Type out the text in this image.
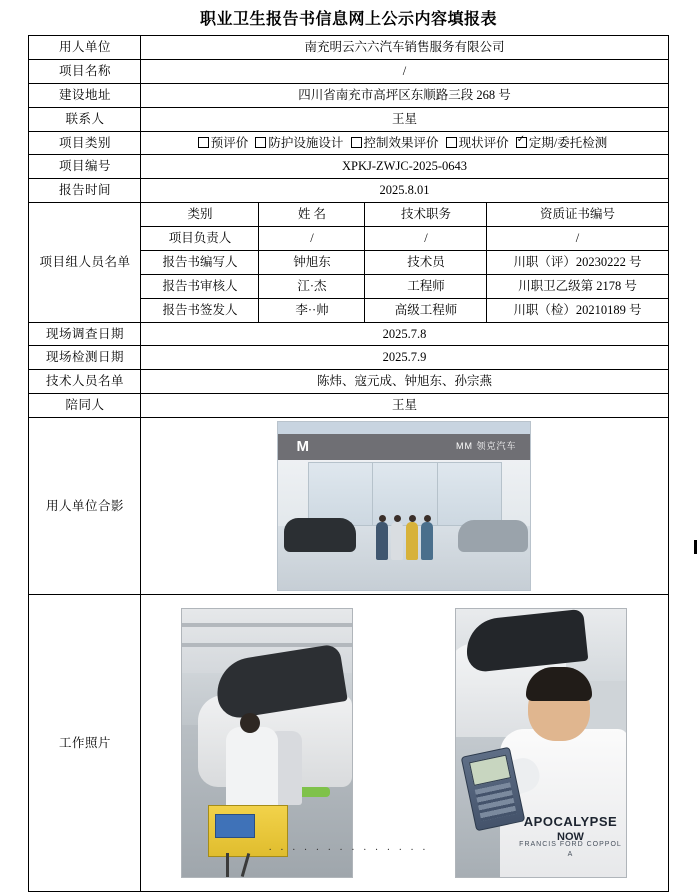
职业卫生报告书信息网上公示内容填报表
用人单位	南充明云六六汽车销售服务有限公司			
项目名称	/			
建设地址	四川省南充市高坪区东顺路三段 268 号			
联系人	王星			
项目类别	预评价 防护设施设计 控制效果评价 现状评价 ✓ 定期/委托检测
项目编号	XPKJ-ZWJC-2025-0643			
报告时间	2025.8.01			
项目组人员名单	类别	姓 名	技术职务	资质证书编号
	项目负责人	/	/	/
	报告书编写人	钟旭东	技术员	川职（评）20230222 号
	报告书审核人	江·杰	工程师	川职卫乙级第 2178 号
	报告书签发人	李··帅	高级工程师	川职（检）20210189 号
现场调查日期	2025.7.8			
现场检测日期	2025.7.9			
技术人员名单	陈炜、寇元成、钟旭东、孙宗燕			
陪同人	王星			
用人单位合影	M MM 领克汽车			

工作照片	APOCALYPSE
NOW
FRANCIS FORD COPPOLA
· · · · · · · · · · · · · ·			
